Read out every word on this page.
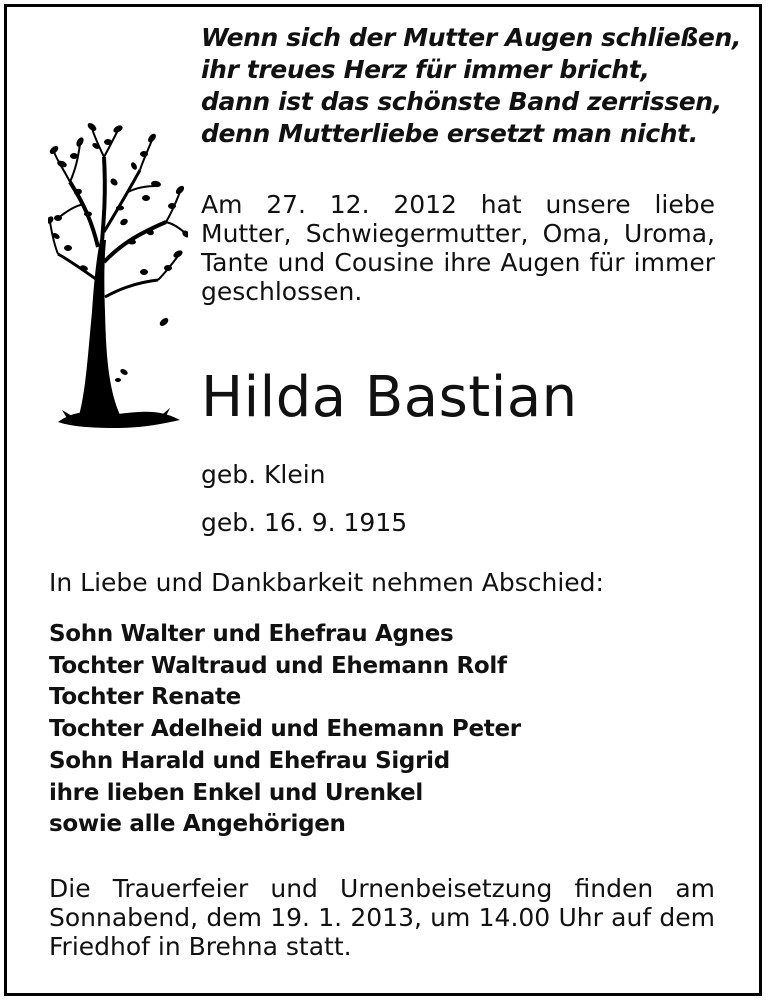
Wenn sich der Mutter Augen schließen,
ihr treues Herz für immer bricht,
dann ist das schönste Band zerrissen,
denn Mutterliebe ersetzt man nicht.
Am 27. 12. 2012 hat unsere liebe Mutter, Schwiegermutter, Oma, Uroma, Tante und Cousine ihre Augen für immer geschlossen.
Hilda Bastian
geb. Klein
geb. 16. 9. 1915
In Liebe und Dankbarkeit nehmen Abschied:
Sohn Walter und Ehefrau Agnes
Tochter Waltraud und Ehemann Rolf
Tochter Renate
Tochter Adelheid und Ehemann Peter
Sohn Harald und Ehefrau Sigrid
ihre lieben Enkel und Urenkel
sowie alle Angehörigen
Die Trauerfeier und Urnenbeisetzung finden am Sonnabend, dem 19. 1. 2013, um 14.00 Uhr auf dem Friedhof in Brehna statt.
